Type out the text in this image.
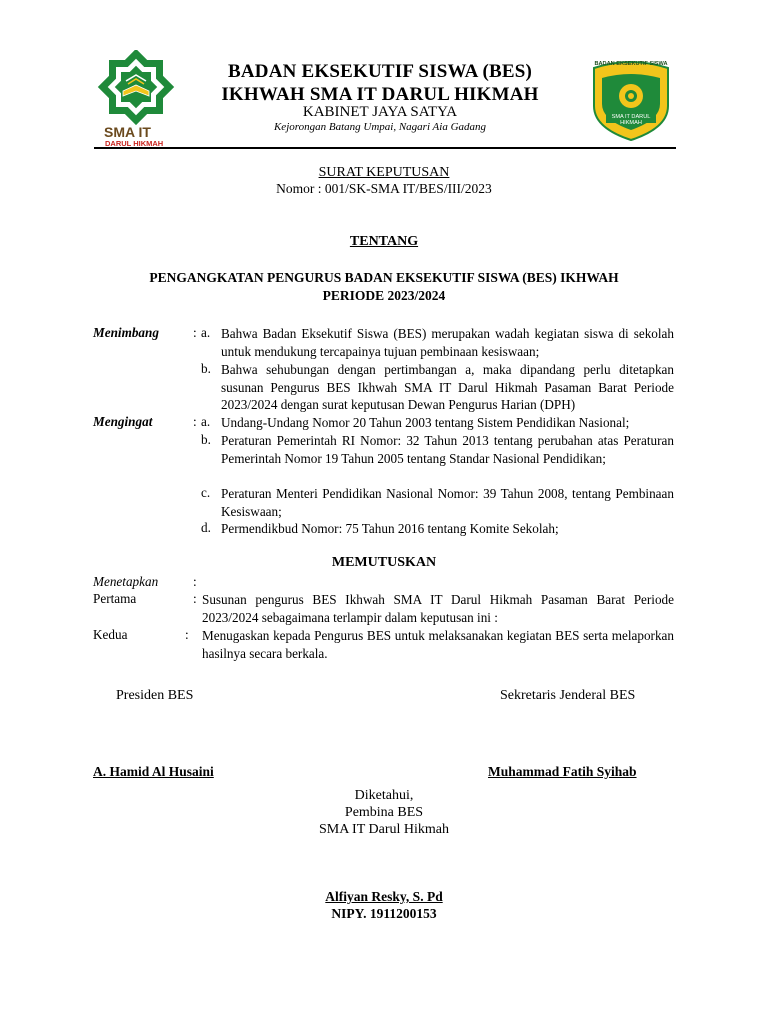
SMA IT
DARUL HIKMAH
BADAN EKSEKUTIF SISWA
SMA IT DARUL HIKMAH
BADAN EKSEKUTIF SISWA (BES)
IKHWAH SMA IT DARUL HIKMAH
KABINET JAYA SATYA
Kejorongan Batang Umpai, Nagari Aia Gadang
SURAT KEPUTUSAN
Nomor : 001/SK-SMA IT/BES/III/2023
TENTANG
PENGANGKATAN PENGURUS BADAN EKSEKUTIF SISWA (BES) IKHWAH
PERIODE 2023/2024
Menimbang	: a. Bahwa Badan Eksekutif Siswa (BES) merupakan wadah kegiatan siswa di sekolah untuk mendukung tercapainya tujuan pembinaan kesiswaan;
b. Bahwa sehubungan dengan pertimbangan a, maka dipandang perlu ditetapkan susunan Pengurus BES Ikhwah SMA IT Darul Hikmah Pasaman Barat Periode 2023/2024 dengan surat keputusan Dewan Pengurus Harian (DPH)
Mengingat	: a. Undang-Undang Nomor 20 Tahun 2003 tentang Sistem Pendidikan Nasional;
b. Peraturan Pemerintah RI Nomor: 32 Tahun 2013 tentang perubahan atas Peraturan Pemerintah Nomor 19 Tahun 2005 tentang Standar Nasional Pendidikan;
c. Peraturan Menteri Pendidikan Nasional Nomor: 39 Tahun 2008, tentang Pembinaan Kesiswaan;
d. Permendikbud Nomor: 75 Tahun 2016 tentang Komite Sekolah;
MEMUTUSKAN
Menetapkan	:
Pertama	: Susunan pengurus BES Ikhwah SMA IT Darul Hikmah Pasaman Barat Periode 2023/2024 sebagaimana terlampir dalam keputusan ini :
Kedua	: Menugaskan kepada Pengurus BES untuk melaksanakan kegiatan BES serta melaporkan hasilnya secara berkala.
Presiden BES	Sekretaris Jenderal BES
A. Hamid Al Husaini	Muhammad Fatih Syihab
Diketahui,
Pembina BES
SMA IT Darul Hikmah
Alfiyan Resky, S. Pd
NIPY. 1911200153
